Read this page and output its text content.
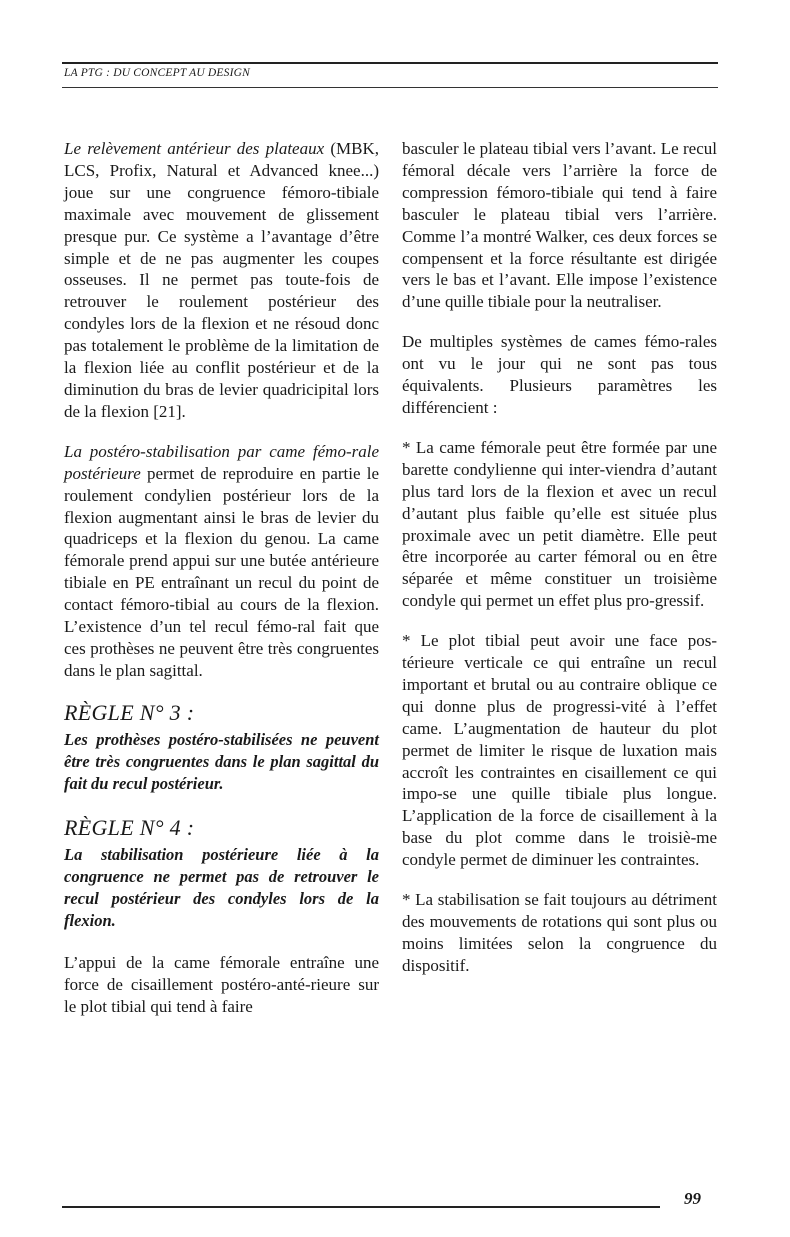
LA PTG : DU CONCEPT AU DESIGN

Le relèvement antérieur des plateaux (MBK, LCS, Profix, Natural et Advanced knee...) joue sur une congruence fémoro-tibiale maximale avec mouvement de glissement presque pur. Ce système a l’avantage d’être simple et de ne pas augmenter les coupes osseuses. Il ne permet pas toute-fois de retrouver le roulement postérieur des condyles lors de la flexion et ne résoud donc pas totalement le problème de la limitation de la flexion liée au conflit postérieur et de la diminution du bras de levier quadricipital lors de la flexion [21].

La postéro-stabilisation par came fémo-rale postérieure permet de reproduire en partie le roulement condylien postérieur lors de la flexion augmentant ainsi le bras de levier du quadriceps et la flexion du genou. La came fémorale prend appui sur une butée antérieure tibiale en PE entraînant un recul du point de contact fémoro-tibial au cours de la flexion. L’existence d’un tel recul fémo-ral fait que ces prothèses ne peuvent être très congruentes dans le plan sagittal.

RÈGLE N° 3 :
Les prothèses postéro-stabilisées ne peuvent être très congruentes dans le plan sagittal du fait du recul postérieur.
RÈGLE N° 4 :
La stabilisation postérieure liée à la congruence ne permet pas de retrouver le recul postérieur des condyles lors de la flexion.

L’appui de la came fémorale entraîne une force de cisaillement postéro-anté-rieure sur le plot tibial qui tend à faire

basculer le plateau tibial vers l’avant. Le recul fémoral décale vers l’arrière la force de compression fémoro-tibiale qui tend à faire basculer le plateau tibial vers l’arrière. Comme l’a montré Walker, ces deux forces se compensent et la force résultante est dirigée vers le bas et l’avant. Elle impose l’existence d’une quille tibiale pour la neutraliser.

De multiples systèmes de cames fémo-rales ont vu le jour qui ne sont pas tous équivalents. Plusieurs paramètres les différencient :

* La came fémorale peut être formée par une barette condylienne qui inter-viendra d’autant plus tard lors de la flexion et avec un recul d’autant plus faible qu’elle est située plus proximale avec un petit diamètre. Elle peut être incorporée au carter fémoral ou en être séparée et même constituer un troisième condyle qui permet un effet plus pro-gressif.

* Le plot tibial peut avoir une face pos-térieure verticale ce qui entraîne un recul important et brutal ou au contraire oblique ce qui donne plus de progressi-vité à l’effet came. L’augmentation de hauteur du plot permet de limiter le risque de luxation mais accroît les contraintes en cisaillement ce qui impo-se une quille tibiale plus longue. L’application de la force de cisaillement à la base du plot comme dans le troisiè-me condyle permet de diminuer les contraintes.

* La stabilisation se fait toujours au détriment des mouvements de rotations qui sont plus ou moins limitées selon la congruence du dispositif.

99
